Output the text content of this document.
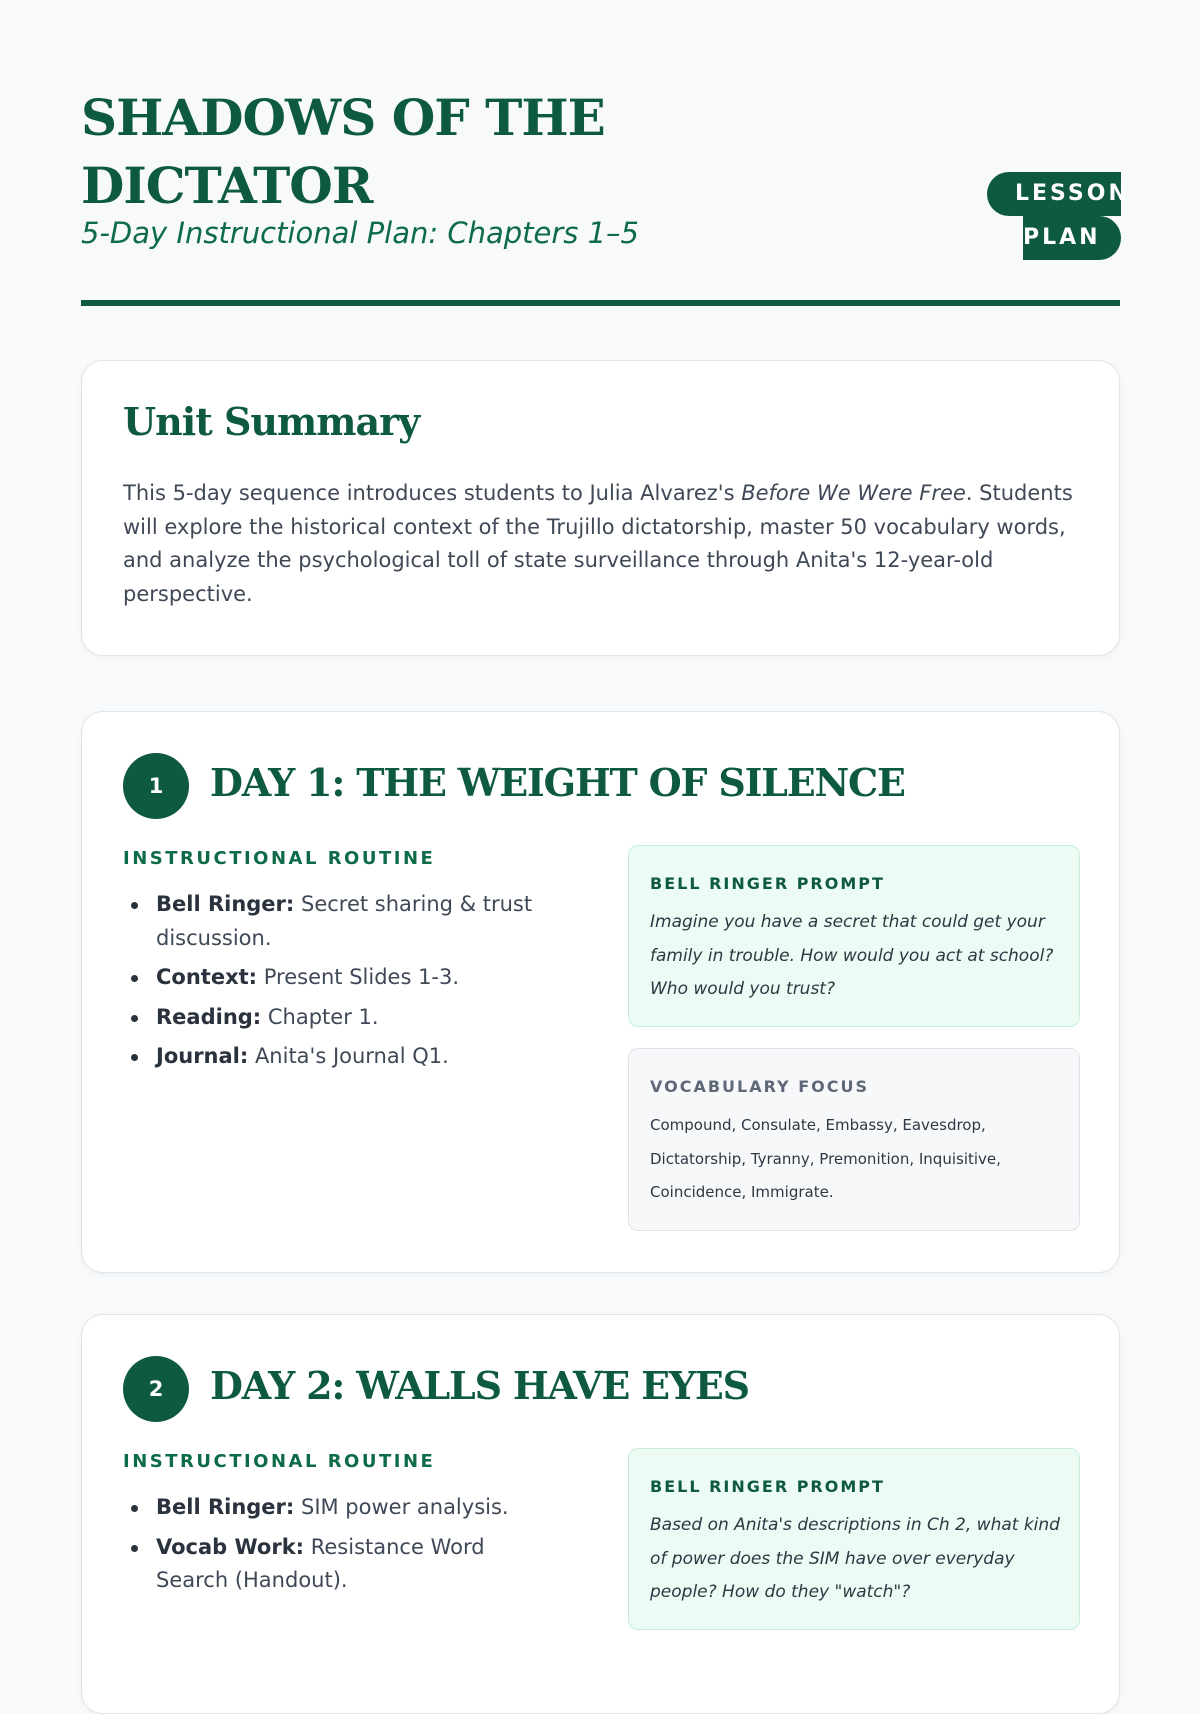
SHADOWS OF THE DICTATOR

5-Day Instructional Plan: Chapters 1–5

LESSON
PLAN
Unit Summary

This 5-day sequence introduces students to Julia Alvarez's Before We Were Free. Students will explore the historical context of the Trujillo dictatorship, master 50 vocabulary words, and analyze the psychological toll of state surveillance through Anita's 12-year-old perspective.

1	DAY 1: THE WEIGHT OF SILENCE
INSTRUCTIONAL ROUTINE
Bell Ringer: Secret sharing & trust discussion.
Context: Present Slides 1-3.
Reading: Chapter 1.
Journal: Anita's Journal Q1.
BELL RINGER PROMPT

Imagine you have a secret that could get your family in trouble. How would you act at school? Who would you trust?

VOCABULARY FOCUS

Compound, Consulate, Embassy, Eavesdrop, Dictatorship, Tyranny, Premonition, Inquisitive, Coincidence, Immigrate.

2	DAY 2: WALLS HAVE EYES
INSTRUCTIONAL ROUTINE
Bell Ringer: SIM power analysis.
Vocab Work: Resistance Word Search (Handout).
BELL RINGER PROMPT

Based on Anita's descriptions in Ch 2, what kind of power does the SIM have over everyday people? How do they "watch"?
